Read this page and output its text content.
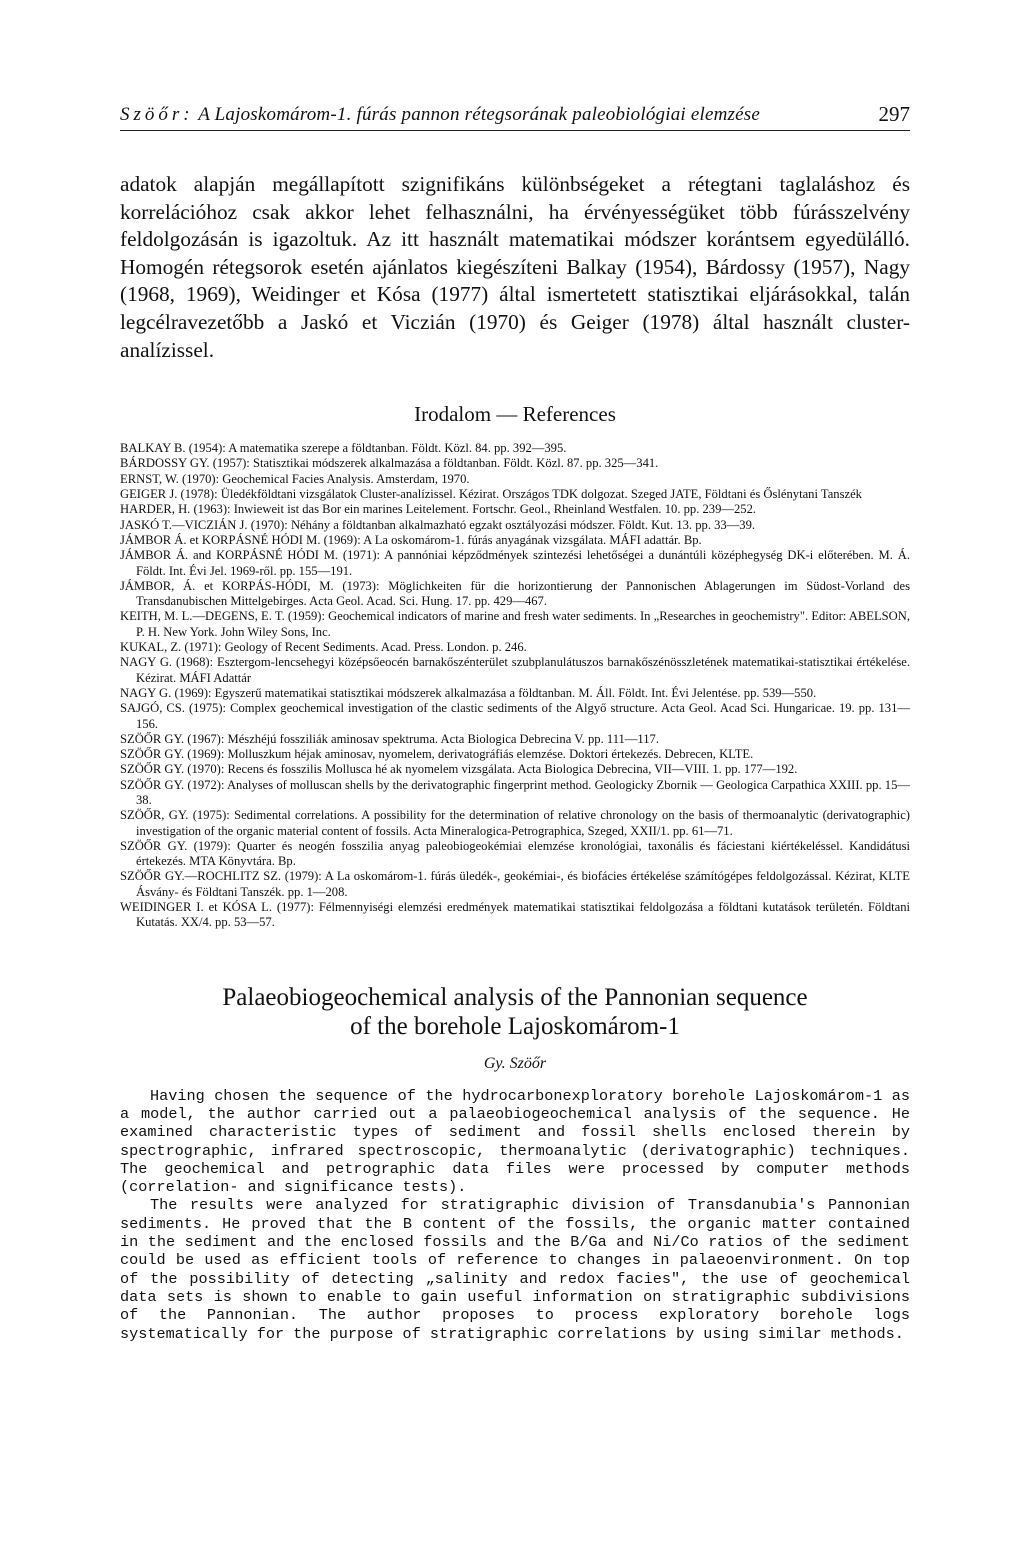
Szöőr: A Lajoskomárom-1. fúrás pannon rétegsorának paleobiológiai elemzése	297

adatok alapján megállapított szignifikáns különbségeket a rétegtani taglaláshoz és korrelációhoz csak akkor lehet felhasználni, ha érvényességüket több fúrásszelvény feldolgozásán is igazoltuk. Az itt használt matematikai módszer korántsem egyedülálló. Homogén rétegsorok esetén ajánlatos kiegészíteni Balkay (1954), Bárdossy (1957), Nagy (1968, 1969), Weidinger et Kósa (1977) által ismertetett statisztikai eljárásokkal, talán legcélravezetőbb a Jaskó et Viczián (1970) és Geiger (1978) által használt cluster-analízissel.

Irodalom — References

BALKAY B. (1954): A matematika szerepe a földtanban. Földt. Közl. 84. pp. 392—395.

BÁRDOSSY GY. (1957): Statisztikai módszerek alkalmazása a földtanban. Földt. Közl. 87. pp. 325—341.

ERNST, W. (1970): Geochemical Facies Analysis. Amsterdam, 1970.

GEIGER J. (1978): Üledékföldtani vizsgálatok Cluster-analízissel. Kézirat. Országos TDK dolgozat. Szeged JATE, Földtani és Őslénytani Tanszék

HARDER, H. (1963): Inwieweit ist das Bor ein marines Leitelement. Fortschr. Geol., Rheinland Westfalen. 10. pp. 239—252.

JASKÓ T.—VICZIÁN J. (1970): Néhány a földtanban alkalmazható egzakt osztályozási módszer. Földt. Kut. 13. pp. 33—39.

JÁMBOR Á. et KORPÁSNÉ HÓDI M. (1969): A La oskomárom-1. fúrás anyagának vizsgálata. MÁFI adattár. Bp.

JÁMBOR Á. and KORPÁSNÉ HÓDI M. (1971): A pannóniai képződmények szintezési lehetőségei a dunántúli középhegység DK-i előterében. M. Á. Földt. Int. Évi Jel. 1969-ről. pp. 155—191.

JÁMBOR, Á. et KORPÁS-HÓDI, M. (1973): Möglichkeiten für die horizontierung der Pannonischen Ablagerungen im Südost-Vorland des Transdanubischen Mittelgebirges. Acta Geol. Acad. Sci. Hung. 17. pp. 429—467.

KEITH, M. L.—DEGENS, E. T. (1959): Geochemical indicators of marine and fresh water sediments. In „Researches in geochemistry". Editor: ABELSON, P. H. New York. John Wiley Sons, Inc.

KUKAL, Z. (1971): Geology of Recent Sediments. Acad. Press. London. p. 246.

NAGY G. (1968): Esztergom-lencsehegyi középsőeocén barnakőszénterület szubplanulátuszos barnakőszénösszletének matematikai-statisztikai értékelése. Kézirat. MÁFI Adattár

NAGY G. (1969): Egyszerű matematikai statisztikai módszerek alkalmazása a földtanban. M. Áll. Földt. Int. Évi Jelentése. pp. 539—550.

SAJGÓ, CS. (1975): Complex geochemical investigation of the clastic sediments of the Algyő structure. Acta Geol. Acad Sci. Hungaricae. 19. pp. 131—156.

SZÖŐR GY. (1967): Mészhéjú fossziliák aminosav spektruma. Acta Biologica Debrecina V. pp. 111—117.

SZÖŐR GY. (1969): Molluszkum héjak aminosav, nyomelem, derivatográfiás elemzése. Doktori értekezés. Debrecen, KLTE.

SZÖŐR GY. (1970): Recens és fosszilis Mollusca hé ak nyomelem vizsgálata. Acta Biologica Debrecina, VII—VIII. 1. pp. 177—192.

SZÖŐR GY. (1972): Analyses of molluscan shells by the derivatographic fingerprint method. Geologicky Zbornik — Geologica Carpathica XXIII. pp. 15—38.

SZÖŐR, GY. (1975): Sedimental correlations. A possibility for the determination of relative chronology on the basis of thermoanalytic (derivatographic) investigation of the organic material content of fossils. Acta Mineralogica-Petrographica, Szeged, XXII/1. pp. 61—71.

SZÖŐR GY. (1979): Quarter és neogén fosszilia anyag paleobiogeokémiai elemzése kronológiai, taxonális és fáciestani kiértékeléssel. Kandidátusi értekezés. MTA Könyvtára. Bp.

SZÖŐR GY.—ROCHLITZ SZ. (1979): A La oskomárom-1. fúrás üledék-, geokémiai-, és biofácies értékelése számítógépes feldolgozással. Kézirat, KLTE Ásvány- és Földtani Tanszék. pp. 1—208.

WEIDINGER I. et KÓSA L. (1977): Félmennyiségi elemzési eredmények matematikai statisztikai feldolgozása a földtani kutatások területén. Földtani Kutatás. XX/4. pp. 53—57.

Palaeobiogeochemical analysis of the Pannonian sequence
of the borehole Lajoskomárom-1
Gy. Szöőr

Having chosen the sequence of the hydrocarbonexploratory borehole Lajoskomárom-1 as a model, the author carried out a palaeobiogeochemical analysis of the sequence. He examined characteristic types of sediment and fossil shells enclosed therein by spectrographic, infrared spectroscopic, thermoanalytic (derivatographic) techniques. The geochemical and petrographic data files were processed by computer methods (correlation- and significance tests).

The results were analyzed for stratigraphic division of Transdanubia's Pannonian sediments. He proved that the B content of the fossils, the organic matter contained in the sediment and the enclosed fossils and the B/Ga and Ni/Co ratios of the sediment could be used as efficient tools of reference to changes in palaeoenvironment. On top of the possibility of detecting „salinity and redox facies", the use of geochemical data sets is shown to enable to gain useful information on stratigraphic subdivisions of the Pannonian. The author proposes to process exploratory borehole logs systematically for the purpose of stratigraphic correlations by using similar methods.
